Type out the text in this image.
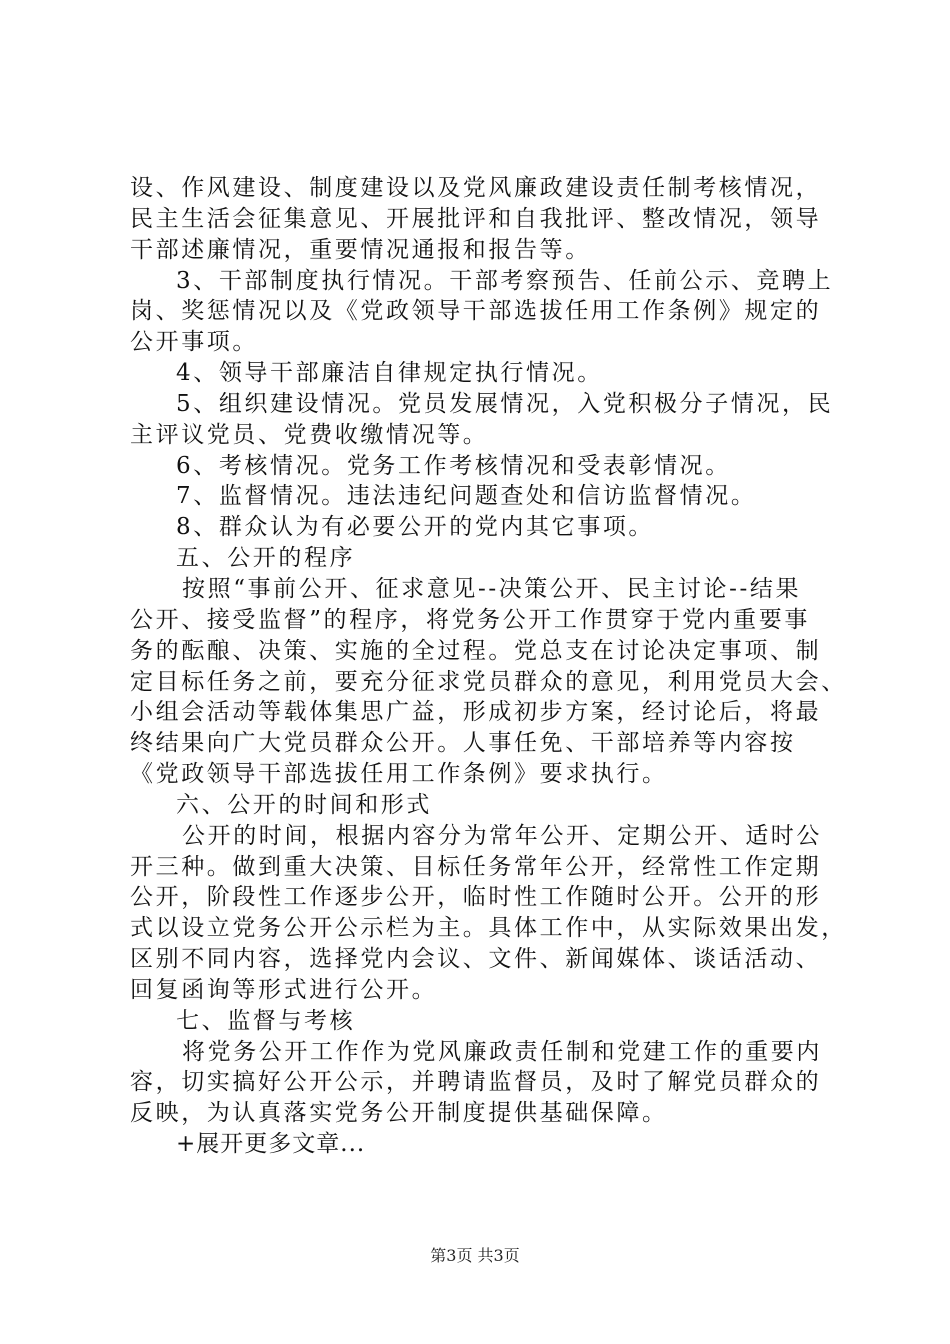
设、作风建设、制度建设以及党风廉政建设责任制考核情况，
民主生活会征集意见、开展批评和自我批评、整改情况，领导
干部述廉情况，重要情况通报和报告等。
3、干部制度执行情况。干部考察预告、任前公示、竞聘上
岗、奖惩情况以及《党政领导干部选拔任用工作条例》规定的
公开事项。
4、领导干部廉洁自律规定执行情况。
5、组织建设情况。党员发展情况，入党积极分子情况，民
主评议党员、党费收缴情况等。
6、考核情况。党务工作考核情况和受表彰情况。
7、监督情况。违法违纪问题查处和信访监督情况。
8、群众认为有必要公开的党内其它事项。
五、公开的程序
按照“事前公开、征求意见--决策公开、民主讨论--结果
公开、接受监督”的程序，将党务公开工作贯穿于党内重要事
务的酝酿、决策、实施的全过程。党总支在讨论决定事项、制
定目标任务之前，要充分征求党员群众的意见，利用党员大会、
小组会活动等载体集思广益，形成初步方案，经讨论后，将最
终结果向广大党员群众公开。人事任免、干部培养等内容按
《党政领导干部选拔任用工作条例》要求执行。
六、公开的时间和形式
公开的时间，根据内容分为常年公开、定期公开、适时公
开三种。做到重大决策、目标任务常年公开，经常性工作定期
公开，阶段性工作逐步公开，临时性工作随时公开。公开的形
式以设立党务公开公示栏为主。具体工作中，从实际效果出发，
区别不同内容，选择党内会议、文件、新闻媒体、谈话活动、
回复函询等形式进行公开。
七、监督与考核
将党务公开工作作为党风廉政责任制和党建工作的重要内
容，切实搞好公开公示，并聘请监督员，及时了解党员群众的
反映，为认真落实党务公开制度提供基础保障。
+展开更多文章...
第3页 共3页
